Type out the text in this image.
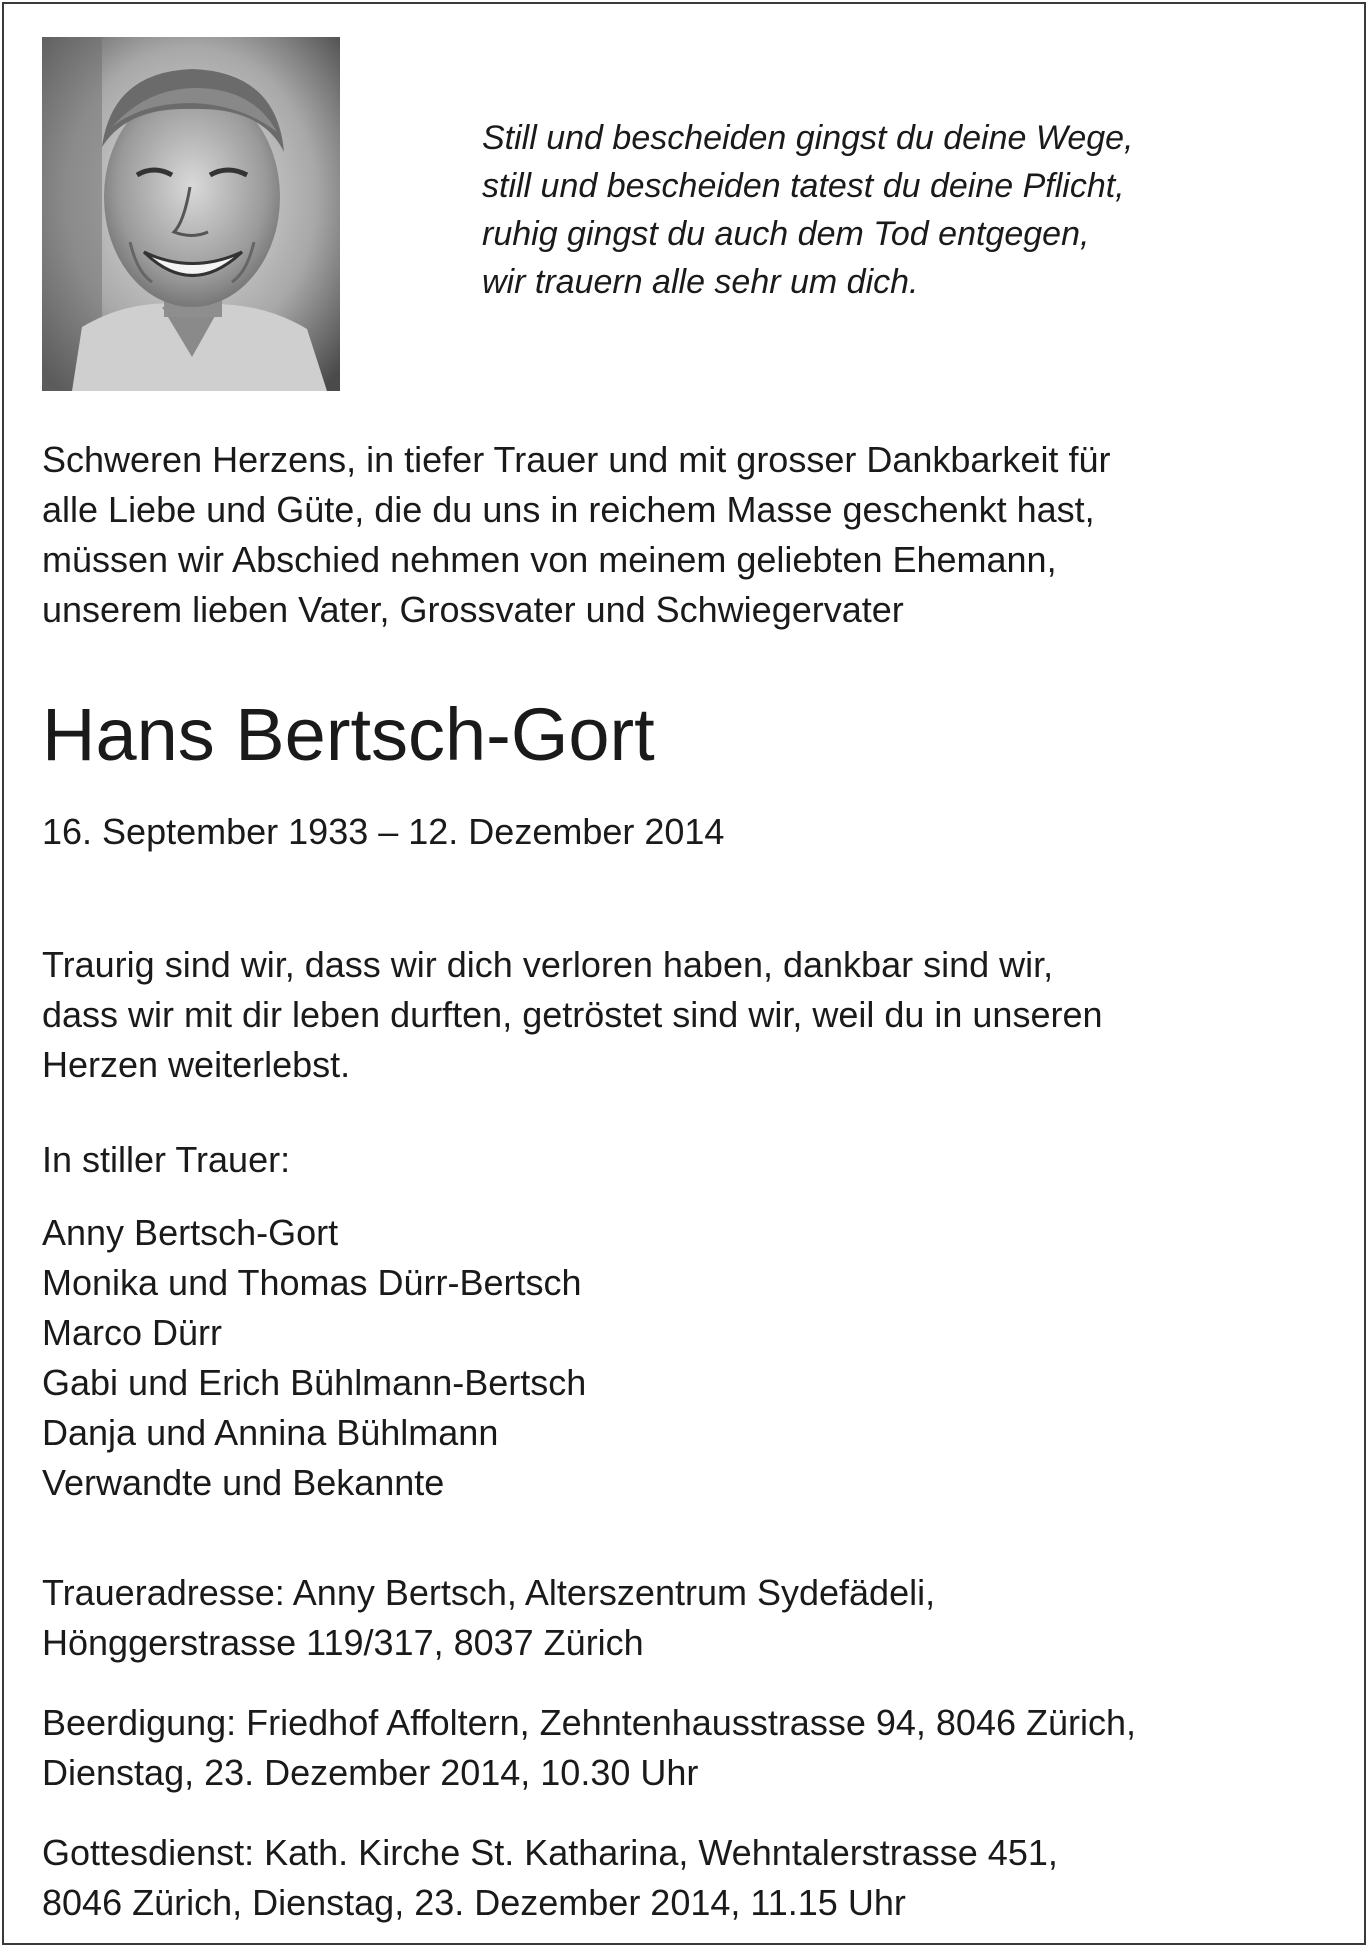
Still und bescheiden gingst du deine Wege,
still und bescheiden tatest du deine Pflicht,
ruhig gingst du auch dem Tod entgegen,
wir trauern alle sehr um dich.

Schweren Herzens, in tiefer Trauer und mit grosser Dankbarkeit für
alle Liebe und Güte, die du uns in reichem Masse geschenkt hast,
müssen wir Abschied nehmen von meinem geliebten Ehemann,
unserem lieben Vater, Grossvater und Schwiegervater

Hans Bertsch-Gort

16. September 1933 – 12. Dezember 2014

Traurig sind wir, dass wir dich verloren haben, dankbar sind wir,
dass wir mit dir leben durften, getröstet sind wir, weil du in unseren
Herzen weiterlebst.

In stiller Trauer:

Anny Bertsch-Gort
Monika und Thomas Dürr-Bertsch
Marco Dürr
Gabi und Erich Bühlmann-Bertsch
Danja und Annina Bühlmann
Verwandte und Bekannte

Traueradresse: Anny Bertsch, Alterszentrum Sydefädeli,
Hönggerstrasse 119/317, 8037 Zürich

Beerdigung: Friedhof Affoltern, Zehntenhausstrasse 94, 8046 Zürich,
Dienstag, 23. Dezember 2014, 10.30 Uhr

Gottesdienst: Kath. Kirche St. Katharina, Wehntalerstrasse 451,
8046 Zürich, Dienstag, 23. Dezember 2014, 11.15 Uhr
